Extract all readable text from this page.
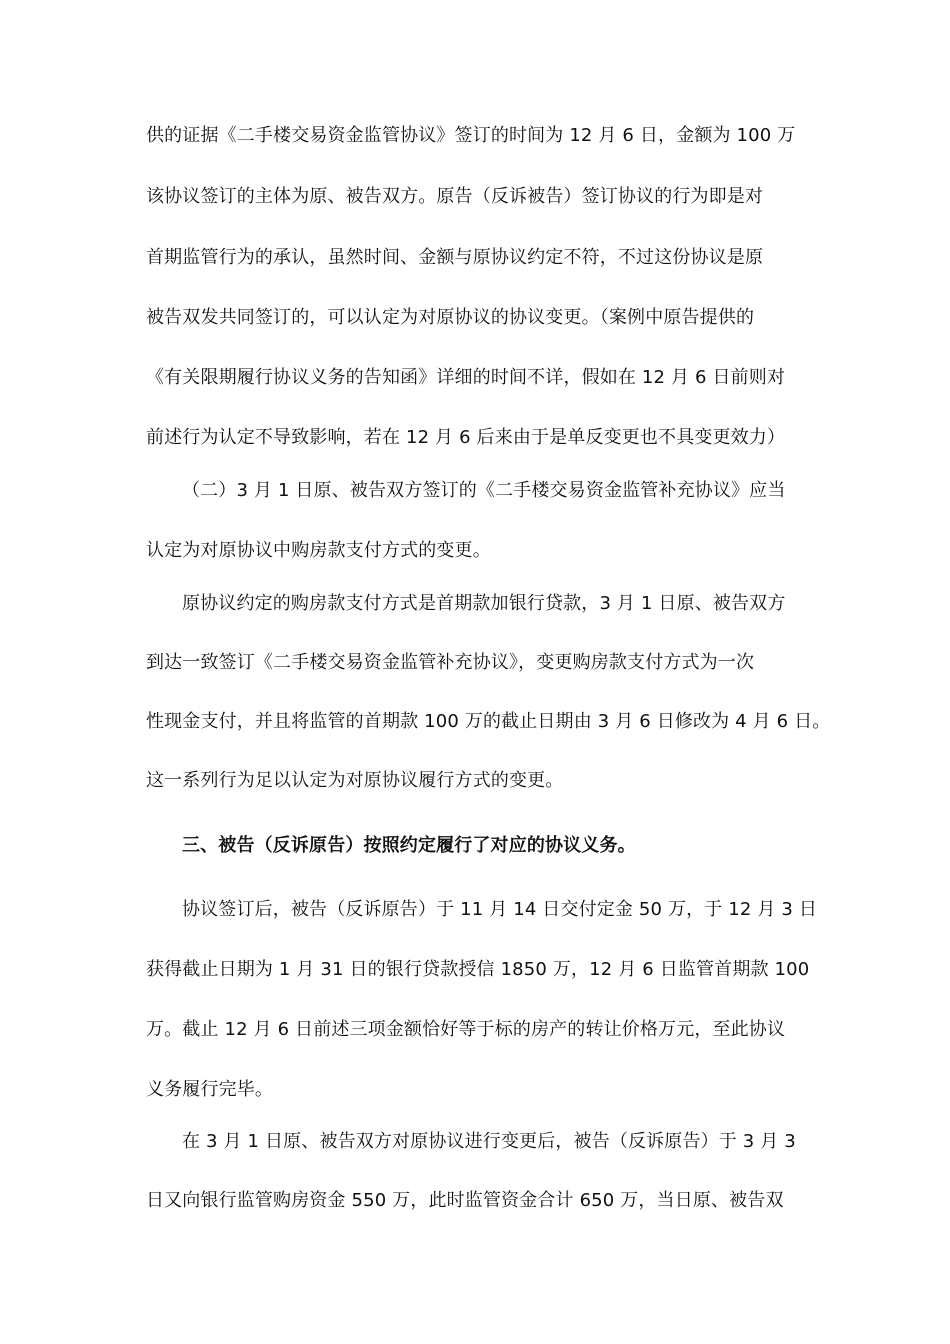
供的证据《二手楼交易资金监管协议》签订的时间为 12 月 6 日，金额为 100 万
该协议签订的主体为原、被告双方。原告（反诉被告）签订协议的行为即是对
首期监管行为的承认，虽然时间、金额与原协议约定不符，不过这份协议是原
被告双发共同签订的，可以认定为对原协议的协议变更。（案例中原告提供的
《有关限期履行协议义务的告知函》详细的时间不详，假如在 12 月 6 日前则对
前述行为认定不导致影响，若在 12 月 6 后来由于是单反变更也不具变更效力）
（二）3 月 1 日原、被告双方签订的《二手楼交易资金监管补充协议》应当
认定为对原协议中购房款支付方式的变更。
原协议约定的购房款支付方式是首期款加银行贷款，3 月 1 日原、被告双方
到达一致签订《二手楼交易资金监管补充协议》，变更购房款支付方式为一次
性现金支付，并且将监管的首期款 100 万的截止日期由 3 月 6 日修改为 4 月 6 日。
这一系列行为足以认定为对原协议履行方式的变更。
三、被告（反诉原告）按照约定履行了对应的协议义务。
协议签订后，被告（反诉原告）于 11 月 14 日交付定金 50 万，于 12 月 3 日
获得截止日期为 1 月 31 日的银行贷款授信 1850 万，12 月 6 日监管首期款 100
万。截止 12 月 6 日前述三项金额恰好等于标的房产的转让价格万元，至此协议
义务履行完毕。
在 3 月 1 日原、被告双方对原协议进行变更后，被告（反诉原告）于 3 月 3
日又向银行监管购房资金 550 万，此时监管资金合计 650 万，当日原、被告双
